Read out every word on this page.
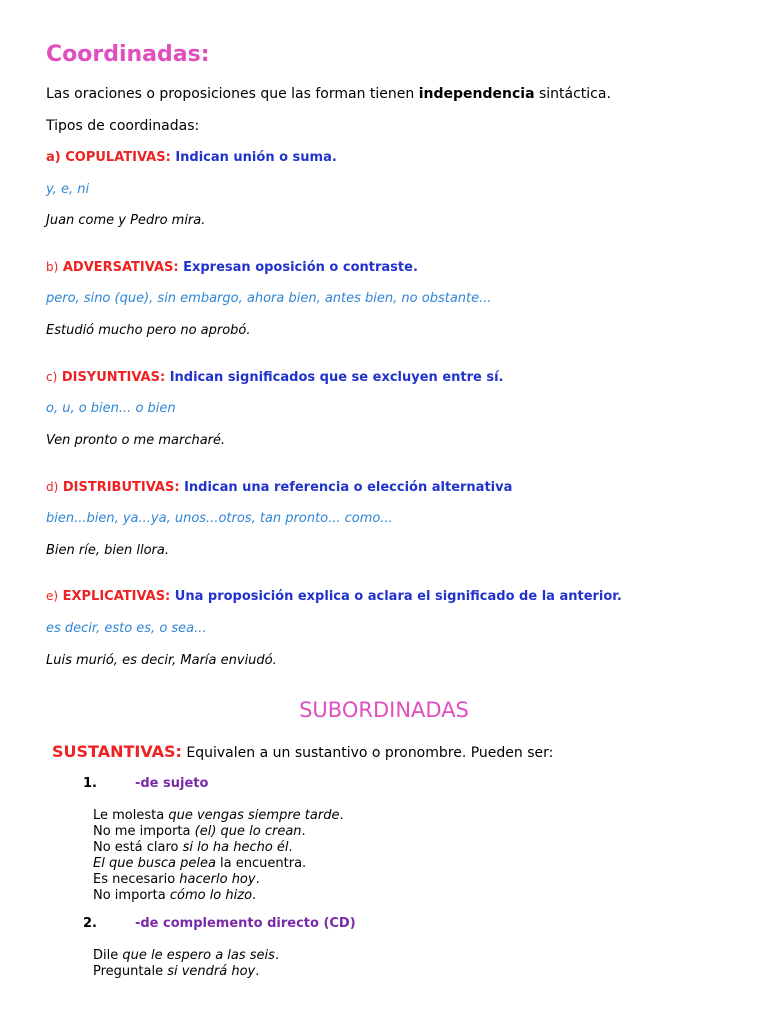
Coordinadas:
Las oraciones o proposiciones que las forman tienen independencia sintáctica.
Tipos de coordinadas:
a) COPULATIVAS: Indican unión o suma.
y, e, ni
Juan come y Pedro mira.
b) ADVERSATIVAS: Expresan oposición o contraste.
pero, sino (que), sin embargo, ahora bien, antes bien, no obstante...
Estudió mucho pero no aprobó.
c) DISYUNTIVAS: Indican significados que se excluyen entre sí.
o, u, o bien... o bien
Ven pronto o me marcharé.
d) DISTRIBUTIVAS: Indican una referencia o elección alternativa
bien...bien, ya...ya, unos...otros, tan pronto... como...
Bien ríe, bien llora.
e) EXPLICATIVAS: Una proposición explica o aclara el significado de la anterior.
es decir, esto es, o sea...
Luis murió, es decir, María enviudó.
SUBORDINADAS
SUSTANTIVAS: Equivalen a un sustantivo o pronombre. Pueden ser:
1.	-de sujeto
Le molesta que vengas siempre tarde.
No me importa (el) que lo crean.
No está claro si lo ha hecho él.
El que busca pelea la encuentra.
Es necesario hacerlo hoy.
No importa cómo lo hizo.
2.	-de complemento directo (CD)
Dile que le espero a las seis.
Preguntale si vendrá hoy.
